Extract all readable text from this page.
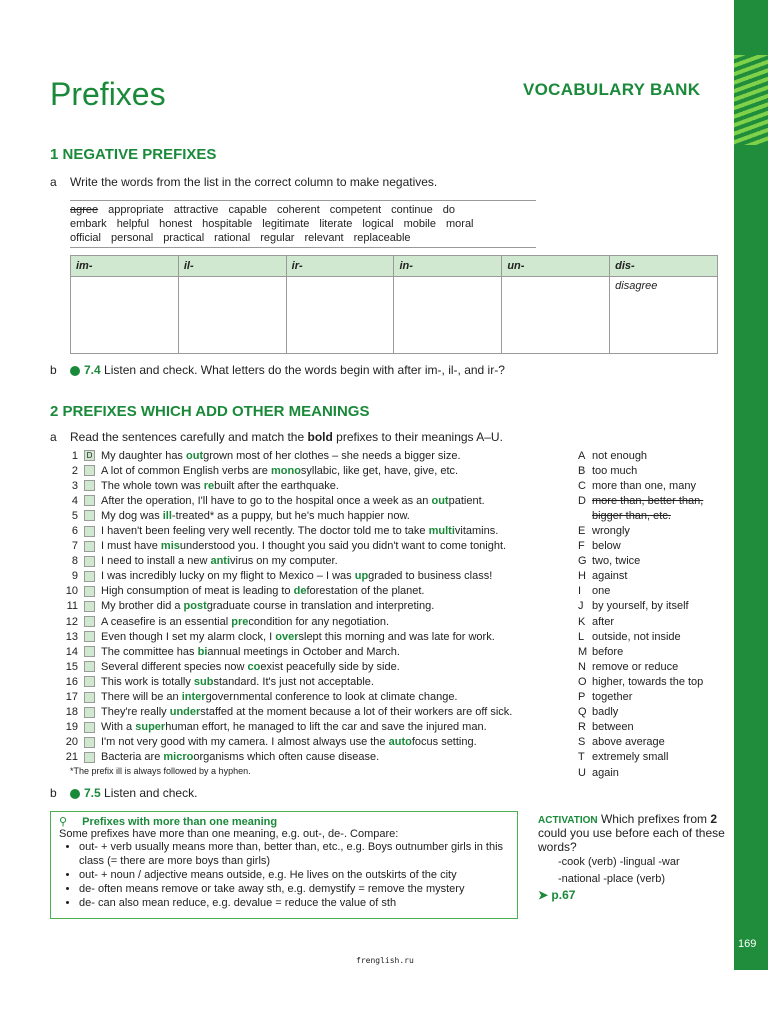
169
Prefixes	VOCABULARY BANK
1 NEGATIVE PREFIXES
a	Write the words from the list in the correct column to make negatives.
agree appropriate attractive capable coherent competent continue do
embark helpful honest hospitable legitimate literate logical mobile moral
official personal practical rational regular relevant replaceable
im-	il-	ir-	in-	un-	dis-
					disagree
b	7.4 Listen and check. What letters do the words begin with after im-, il-, and ir-?
2 PREFIXES WHICH ADD OTHER MEANINGS
a	Read the sentences carefully and match the bold prefixes to their meanings A–U.
1	D My daughter has outgrown most of her clothes – she needs a bigger size.
2 A lot of common English verbs are monosyllabic, like get, have, give, etc.
3 The whole town was rebuilt after the earthquake.
4 After the operation, I'll have to go to the hospital once a week as an outpatient.
5 My dog was ill-treated* as a puppy, but he's much happier now.
6 I haven't been feeling very well recently. The doctor told me to take multivitamins.
7 I must have misunderstood you. I thought you said you didn't want to come tonight.
8 I need to install a new antivirus on my computer.
9 I was incredibly lucky on my flight to Mexico – I was upgraded to business class!
10 High consumption of meat is leading to deforestation of the planet.
11 My brother did a postgraduate course in translation and interpreting.
12 A ceasefire is an essential precondition for any negotiation.
13 Even though I set my alarm clock, I overslept this morning and was late for work.
14 The committee has biannual meetings in October and March.
15 Several different species now coexist peacefully side by side.
16 This work is totally substandard. It's just not acceptable.
17 There will be an intergovernmental conference to look at climate change.
18 They're really understaffed at the moment because a lot of their workers are off sick.
19 With a superhuman effort, he managed to lift the car and save the injured man.
20 I'm not very good with my camera. I almost always use the autofocus setting.
21 Bacteria are microorganisms which often cause disease.
A not enough
B too much
C more than one, many
D more than, better than,
bigger than, etc.
E wrongly
F below
G two, twice
H against
I one
J by yourself, by itself
K after
L outside, not inside
M before
N remove or reduce
O higher, towards the top
P together
Q badly
R between
S above average
T extremely small
U again
*The prefix ill is always followed by a hyphen.
b	7.5 Listen and check.
⚲ Prefixes with more than one meaning
Some prefixes have more than one meaning, e.g. out-, de-. Compare:
• out- + verb usually means more than, better than, etc., e.g. Boys outnumber girls in this class (= there are more boys than girls)
• out- + noun / adjective means outside, e.g. He lives on the outskirts of the city
• de- often means remove or take away sth, e.g. demystify = remove the mystery
• de- can also mean reduce, e.g. devalue = reduce the value of sth
ACTIVATION Which prefixes from 2 could you use before each of these words?
-cook (verb) -lingual -war
-national -place (verb)
➤ p.67
frenglish.ru
